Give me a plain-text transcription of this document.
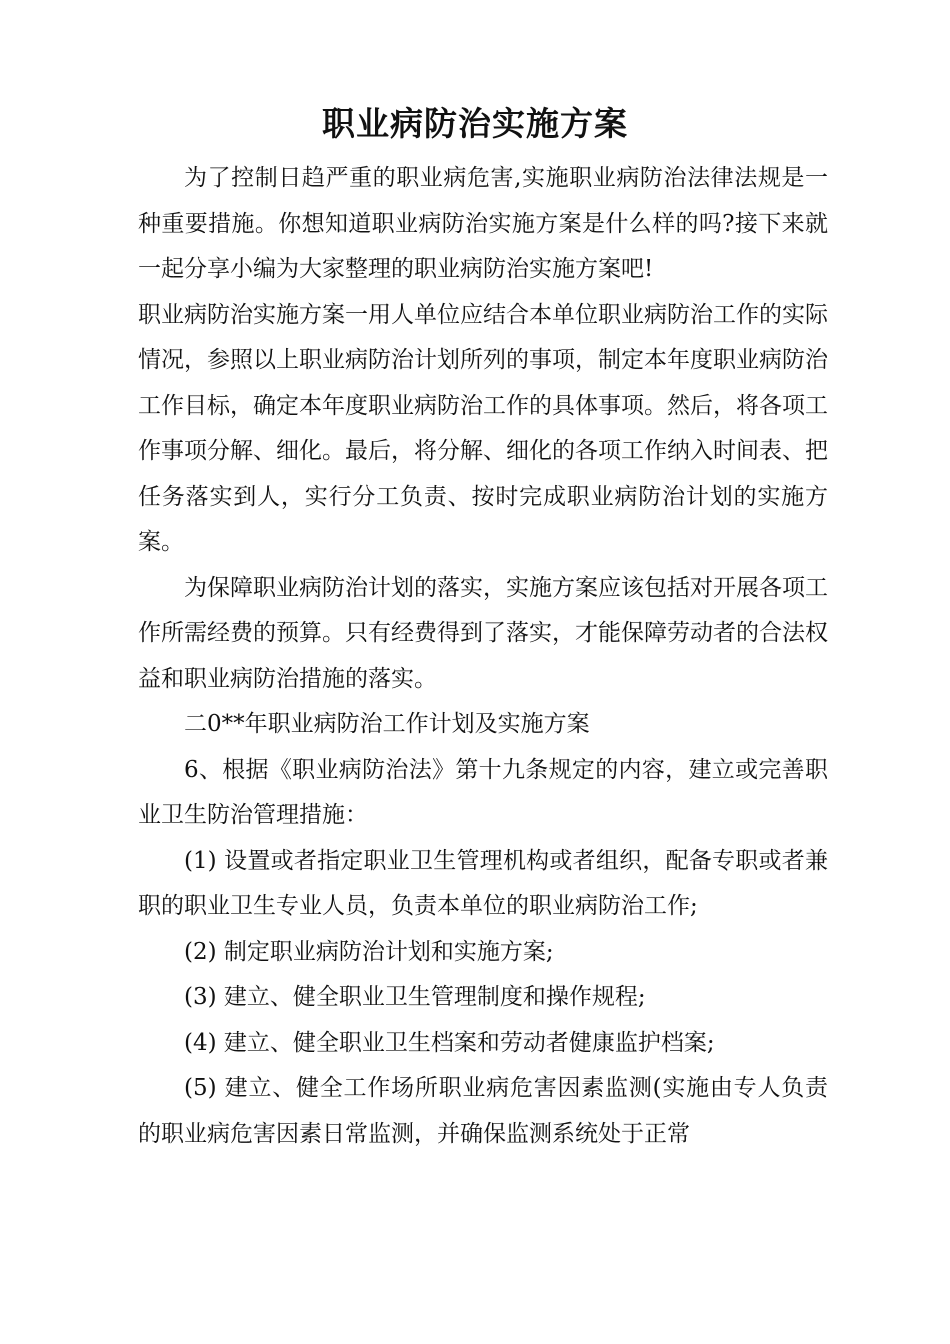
职业病防治实施方案

为了控制日趋严重的职业病危害,实施职业病防治法律法规是一种重要措施。你想知道职业病防治实施方案是什么样的吗?接下来就一起分享小编为大家整理的职业病防治实施方案吧!

职业病防治实施方案一用人单位应结合本单位职业病防治工作的实际情况，参照以上职业病防治计划所列的事项，制定本年度职业病防治工作目标，确定本年度职业病防治工作的具体事项。然后，将各项工作事项分解、细化。最后，将分解、细化的各项工作纳入时间表、把任务落实到人，实行分工负责、按时完成职业病防治计划的实施方案。

为保障职业病防治计划的落实，实施方案应该包括对开展各项工作所需经费的预算。只有经费得到了落实，才能保障劳动者的合法权益和职业病防治措施的落实。

二0**年职业病防治工作计划及实施方案

6、根据《职业病防治法》第十九条规定的内容，建立或完善职业卫生防治管理措施：

(1) 设置或者指定职业卫生管理机构或者组织，配备专职或者兼职的职业卫生专业人员，负责本单位的职业病防治工作;

(2) 制定职业病防治计划和实施方案;

(3) 建立、健全职业卫生管理制度和操作规程;

(4) 建立、健全职业卫生档案和劳动者健康监护档案;

(5) 建立、健全工作场所职业病危害因素监测(实施由专人负责的职业病危害因素日常监测，并确保监测系统处于正常
